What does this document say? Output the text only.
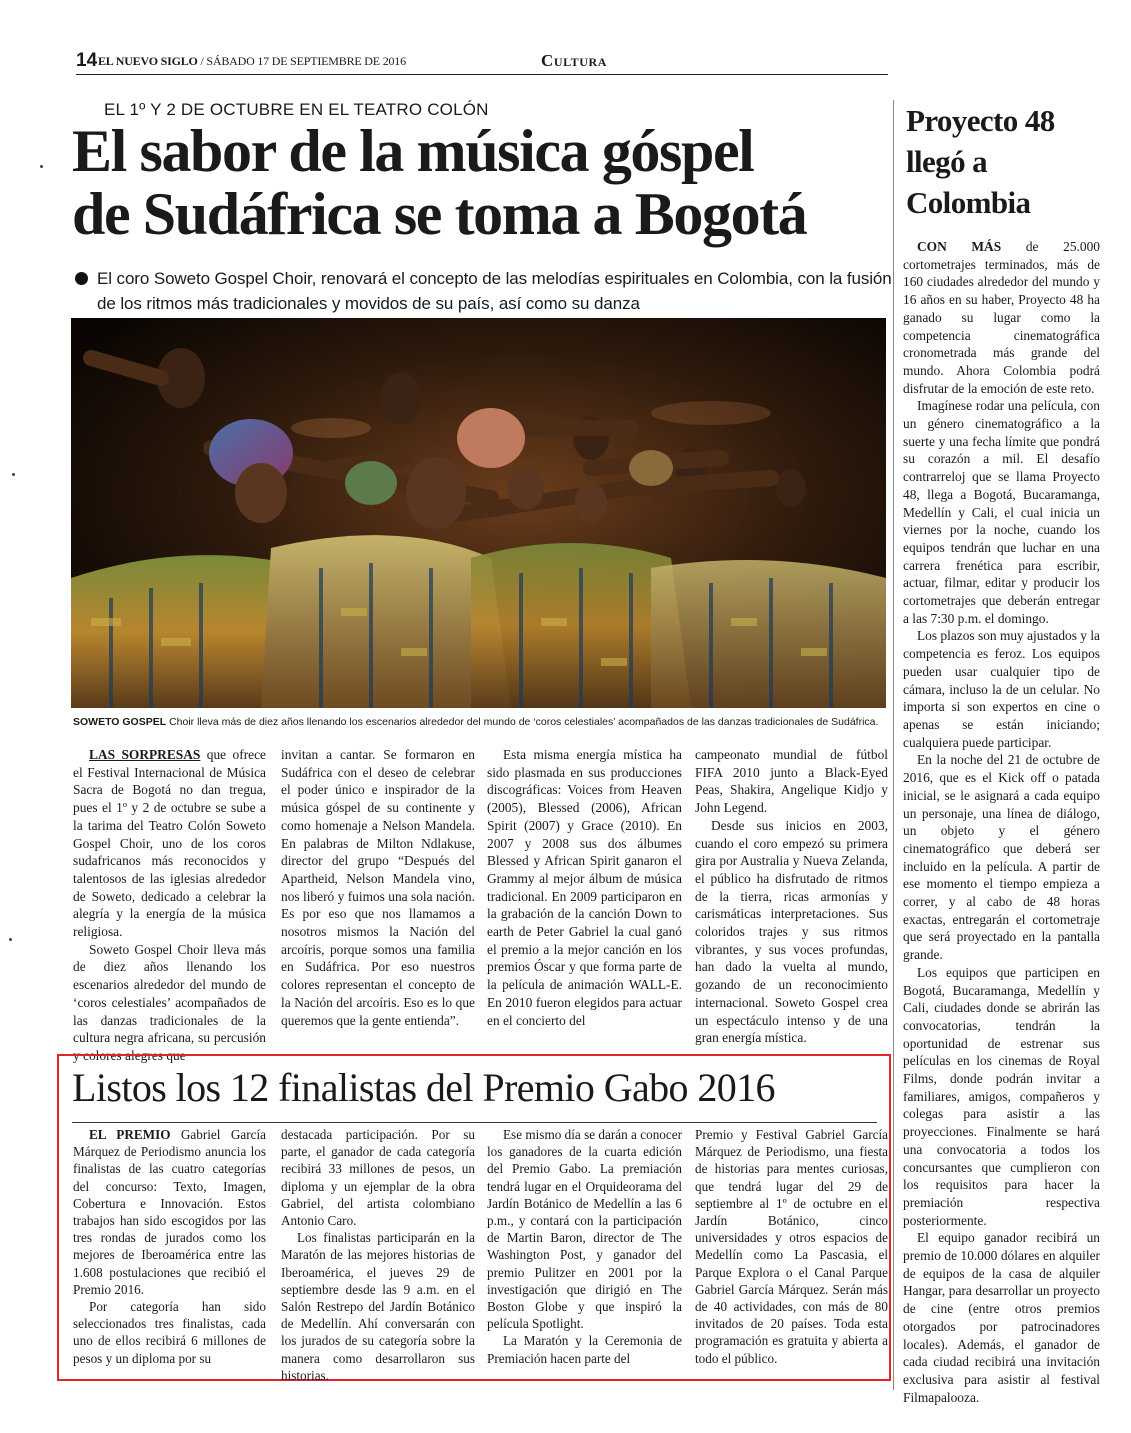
14 EL NUEVO SIGLO / SÁBADO 17 DE SEPTIEMBRE DE 2016	Cultura
EL 1º Y 2 DE OCTUBRE EN EL TEATRO COLÓN
El sabor de la música góspel
de Sudáfrica se toma a Bogotá
El coro Soweto Gospel Choir, renovará el concepto de las melodías espirituales en Colombia, con la fusión de los ritmos más tradicionales y movidos de su país, así como su danza
SOWETO GOSPEL Choir lleva más de diez años llenando los escenarios alrededor del mundo de ‘coros celestiales’ acompañados de las danzas tradicionales de Sudáfrica.

LAS SORPRESAS que ofrece el Festival Internacional de Música Sacra de Bogotá no dan tregua, pues el 1º y 2 de octubre se sube a la tarima del Teatro Colón Soweto Gospel Choir, uno de los coros sudafricanos más reconocidos y talentosos de las iglesias alrededor de Soweto, dedicado a celebrar la alegría y la energía de la música religiosa.

Soweto Gospel Choir lleva más de diez años llenando los escenarios alrededor del mundo de ‘coros celestiales’ acompañados de las danzas tradicionales de la cultura negra africana, su percusión y colores alegres que

invitan a cantar. Se formaron en Sudáfrica con el deseo de celebrar el poder único e inspirador de la música góspel de su continente y como homenaje a Nelson Mandela. En palabras de Milton Ndlakuse, director del grupo “Después del Apartheid, Nelson Mandela vino, nos liberó y fuimos una sola nación. Es por eso que nos llamamos a nosotros mismos la Nación del arcoíris, porque somos una familia en Sudáfrica. Por eso nuestros colores representan el concepto de la Nación del arcoíris. Eso es lo que queremos que la gente entienda”.

Esta misma energía mística ha sido plasmada en sus producciones discográficas: Voices from Heaven (2005), Blessed (2006), African Spirit (2007) y Grace (2010). En 2007 y 2008 sus dos álbumes Blessed y African Spirit ganaron el Grammy al mejor álbum de música tradicional. En 2009 participaron en la grabación de la canción Down to earth de Peter Gabriel la cual ganó el premio a la mejor canción en los premios Óscar y que forma parte de la película de animación WALL-E. En 2010 fueron elegidos para actuar en el concierto del

campeonato mundial de fútbol FIFA 2010 junto a Black-Eyed Peas, Shakira, Angelique Kidjo y John Legend.

Desde sus inicios en 2003, cuando el coro empezó su primera gira por Australia y Nueva Zelanda, el público ha disfrutado de ritmos de la tierra, ricas armonías y carismáticas interpretaciones. Sus coloridos trajes y sus ritmos vibrantes, y sus voces profundas, han dado la vuelta al mundo, gozando de un reconocimiento internacional. Soweto Gospel crea un espectáculo intenso y de una gran energía mística.

Proyecto 48 llegó a Colombia

CON MÁS de 25.000 cortometrajes terminados, más de 160 ciudades alrededor del mundo y 16 años en su haber, Proyecto 48 ha ganado su lugar como la competencia cinematográfica cronometrada más grande del mundo. Ahora Colombia podrá disfrutar de la emoción de este reto.

Imagínese rodar una película, con un género cinematográfico a la suerte y una fecha límite que pondrá su corazón a mil. El desafío contrarreloj que se llama Proyecto 48, llega a Bogotá, Bucaramanga, Medellín y Cali, el cual inicia un viernes por la noche, cuando los equipos tendrán que luchar en una carrera frenética para escribir, actuar, filmar, editar y producir los cortometrajes que deberán entregar a las 7:30 p.m. el domingo.

Los plazos son muy ajustados y la competencia es feroz. Los equipos pueden usar cualquier tipo de cámara, incluso la de un celular. No importa si son expertos en cine o apenas se están iniciando; cualquiera puede participar.

En la noche del 21 de octubre de 2016, que es el Kick off o patada inicial, se le asignará a cada equipo un personaje, una línea de diálogo, un objeto y el género cinematográfico que deberá ser incluido en la película. A partir de ese momento el tiempo empieza a correr, y al cabo de 48 horas exactas, entregarán el cortometraje que será proyectado en la pantalla grande.

Los equipos que participen en Bogotá, Bucaramanga, Medellín y Cali, ciudades donde se abrirán las convocatorias, tendrán la oportunidad de estrenar sus películas en los cinemas de Royal Films, donde podrán invitar a familiares, amigos, compañeros y colegas para asistir a las proyecciones. Finalmente se hará una convocatoria a todos los concursantes que cumplieron con los requisitos para hacer la premiación respectiva posteriormente.

El equipo ganador recibirá un premio de 10.000 dólares en alquiler de equipos de la casa de alquiler Hangar, para desarrollar un proyecto de cine (entre otros premios otorgados por patrocinadores locales). Además, el ganador de cada ciudad recibirá una invitación exclusiva para asistir al festival Filmapalooza.

Listos los 12 finalistas del Premio Gabo 2016

EL PREMIO Gabriel García Márquez de Periodismo anuncia los finalistas de las cuatro categorías del concurso: Texto, Imagen, Cobertura e Innovación. Estos trabajos han sido escogidos por las tres rondas de jurados como los mejores de Iberoamérica entre las 1.608 postulaciones que recibió el Premio 2016.

Por categoría han sido seleccionados tres finalistas, cada uno de ellos recibirá 6 millones de pesos y un diploma por su

destacada participación. Por su parte, el ganador de cada categoría recibirá 33 millones de pesos, un diploma y un ejemplar de la obra Gabriel, del artista colombiano Antonio Caro.

Los finalistas participarán en la Maratón de las mejores historias de Iberoamérica, el jueves 29 de septiembre desde las 9 a.m. en el Salón Restrepo del Jardín Botánico de Medellín. Ahí conversarán con los jurados de su categoría sobre la manera como desarrollaron sus historias.

Ese mismo día se darán a conocer los ganadores de la cuarta edición del Premio Gabo. La premiación tendrá lugar en el Orquideorama del Jardín Botánico de Medellín a las 6 p.m., y contará con la participación de Martin Baron, director de The Washington Post, y ganador del premio Pulitzer en 2001 por la investigación que dirigió en The Boston Globe y que inspiró la película Spotlight.

La Maratón y la Ceremonia de Premiación hacen parte del

Premio y Festival Gabriel García Márquez de Periodismo, una fiesta de historias para mentes curiosas, que tendrá lugar del 29 de septiembre al 1º de octubre en el Jardín Botánico, cinco universidades y otros espacios de Medellín como La Pascasia, el Parque Explora o el Canal Parque Gabriel García Márquez. Serán más de 40 actividades, con más de 80 invitados de 20 países. Toda esta programación es gratuita y abierta a todo el público.
